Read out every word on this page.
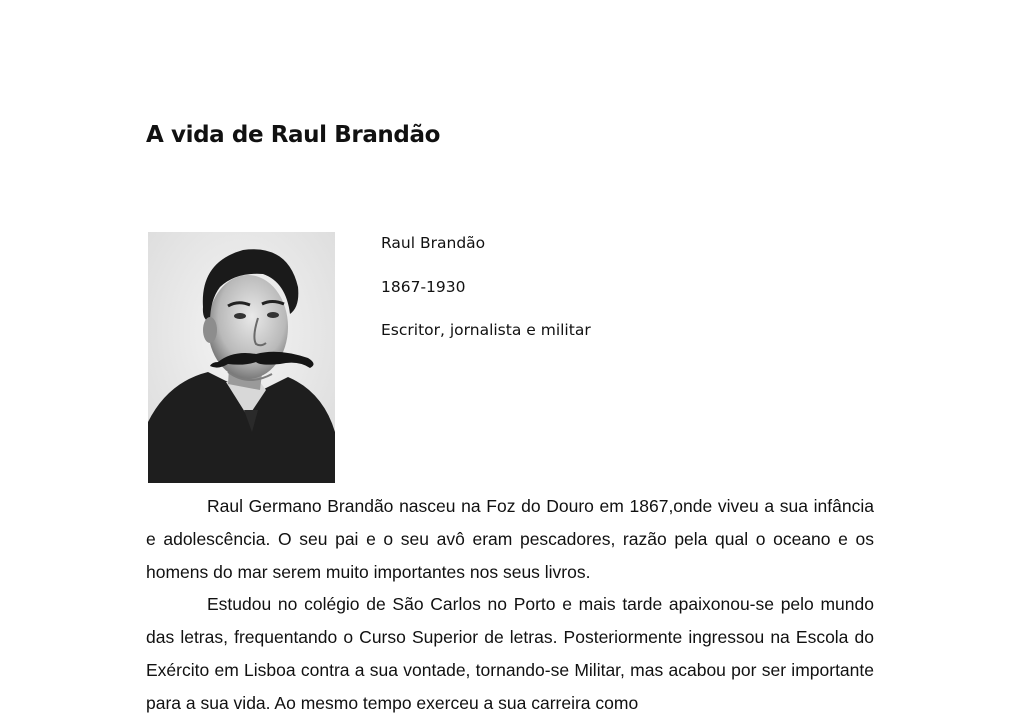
A vida de Raul Brandão
Raul Brandão
1867-1930
Escritor, jornalista e militar

Raul Germano Brandão nasceu na Foz do Douro em 1867,onde viveu a sua infância e adolescência. O seu pai e o seu avô eram pescadores, razão pela qual o oceano e os homens do mar serem muito importantes nos seus livros.

Estudou no colégio de São Carlos no Porto e mais tarde apaixonou-se pelo mundo das letras, frequentando o Curso Superior de letras. Posteriormente ingressou na Escola do Exército em Lisboa contra a sua vontade, tornando-se Militar, mas acabou por ser importante para a sua vida. Ao mesmo tempo exerceu a sua carreira como
